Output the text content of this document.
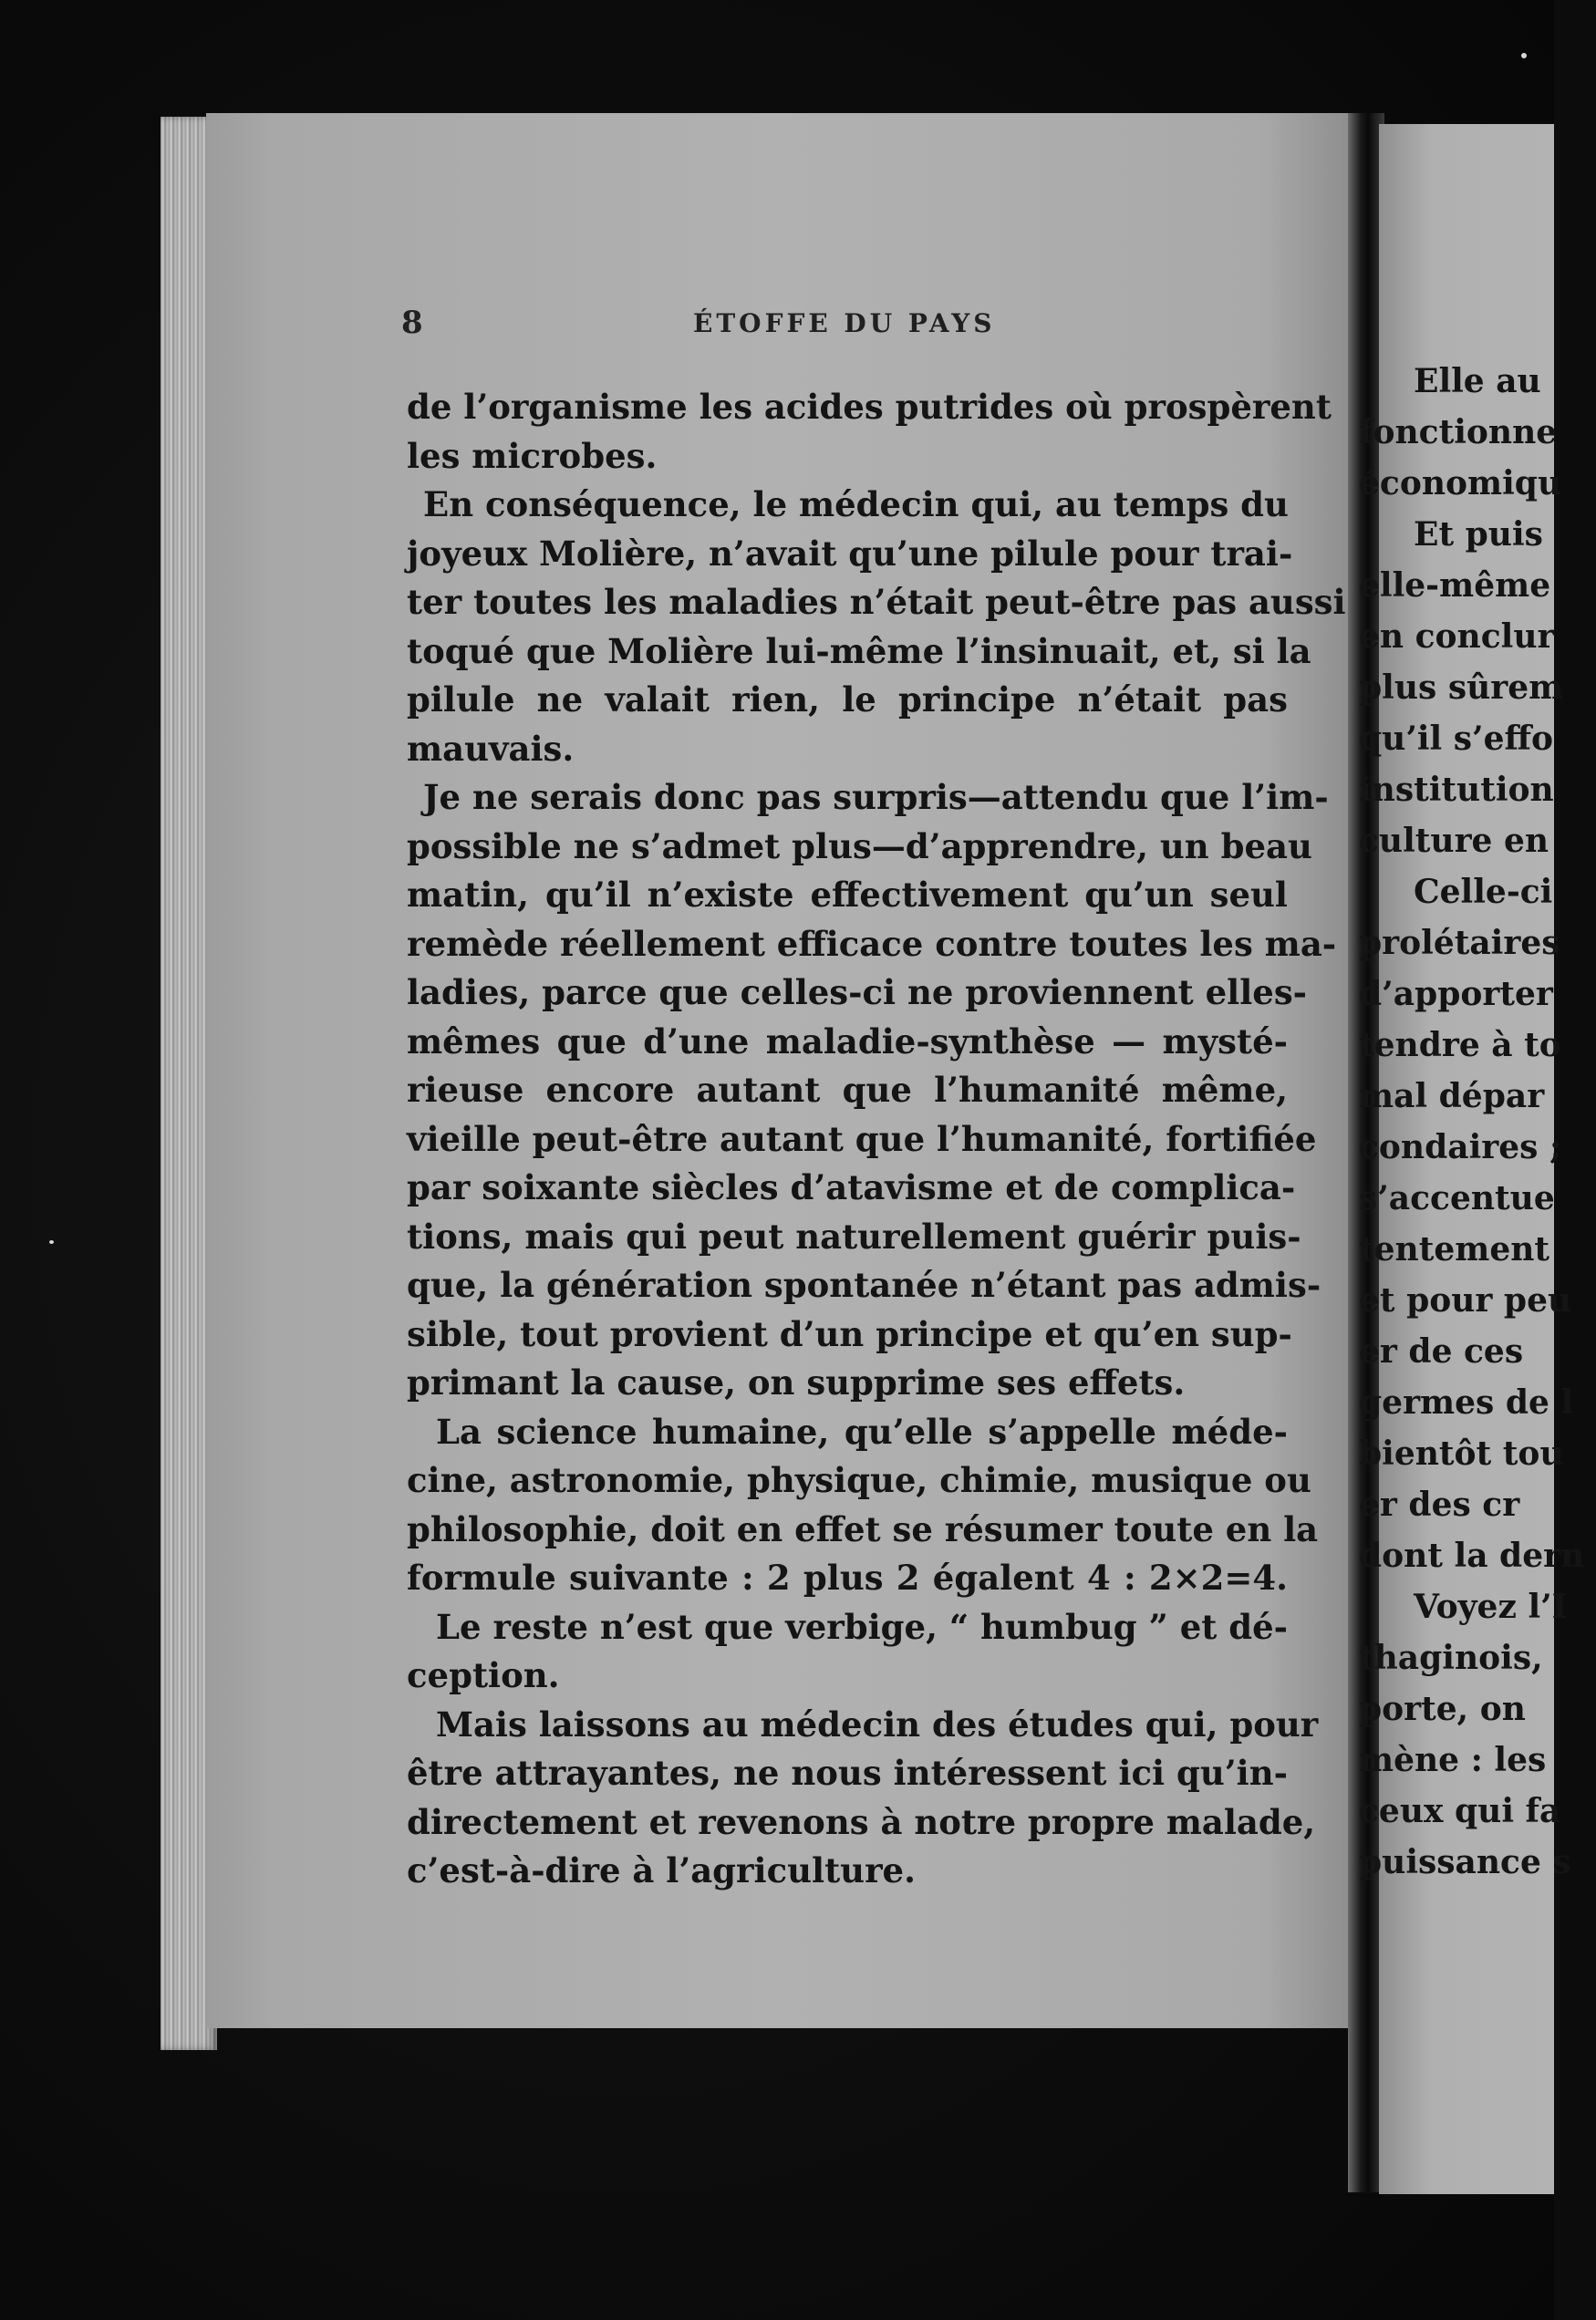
8	ÉTOFFE DU PAYS
de l’organisme les acides putrides où prospèrent
les microbes.
En conséquence, le médecin qui, au temps du
joyeux Molière, n’avait qu’une pilule pour trai-
ter toutes les maladies n’était peut-être pas aussi
toqué que Molière lui-même l’insinuait, et, si la
pilule ne valait rien, le principe n’était pas
mauvais.
Je ne serais donc pas surpris—attendu que l’im-
possible ne s’admet plus—d’apprendre, un beau
matin, qu’il n’existe effectivement qu’un seul
remède réellement efficace contre toutes les ma-
ladies, parce que celles-ci ne proviennent elles-
mêmes que d’une maladie-synthèse — mysté-
rieuse encore autant que l’humanité même,
vieille peut-être autant que l’humanité, fortifiée
par soixante siècles d’atavisme et de complica-
tions, mais qui peut naturellement guérir puis-
que, la génération spontanée n’étant pas admis-
sible, tout provient d’un principe et qu’en sup-
primant la cause, on supprime ses effets.
La science humaine, qu’elle s’appelle méde-
cine, astronomie, physique, chimie, musique ou
philosophie, doit en effet se résumer toute en la
formule suivante : 2 plus 2 égalent 4 : 2×2=4.
Le reste n’est que verbige, “ humbug ” et dé-
ception.
Mais laissons au médecin des études qui, pour
être attrayantes, ne nous intéressent ici qu’in-
directement et revenons à notre propre malade,
c’est-à-dire à l’agriculture.
Elle au
fonctionne
économiqu
Et puis
elle-même
en conclur
plus sûrem
qu’il s’effo
institution
culture en
Celle-ci
prolétaires
d’apporter
tendre à to
mal dépar
condaires ;
s’accentue
tentement
et pour peu
er de ces
germes de l
bientôt tou
er des cr
dont la dern
Voyez l’I
thaginois,
porte, on
mène : les
ceux qui fa
puissance s
